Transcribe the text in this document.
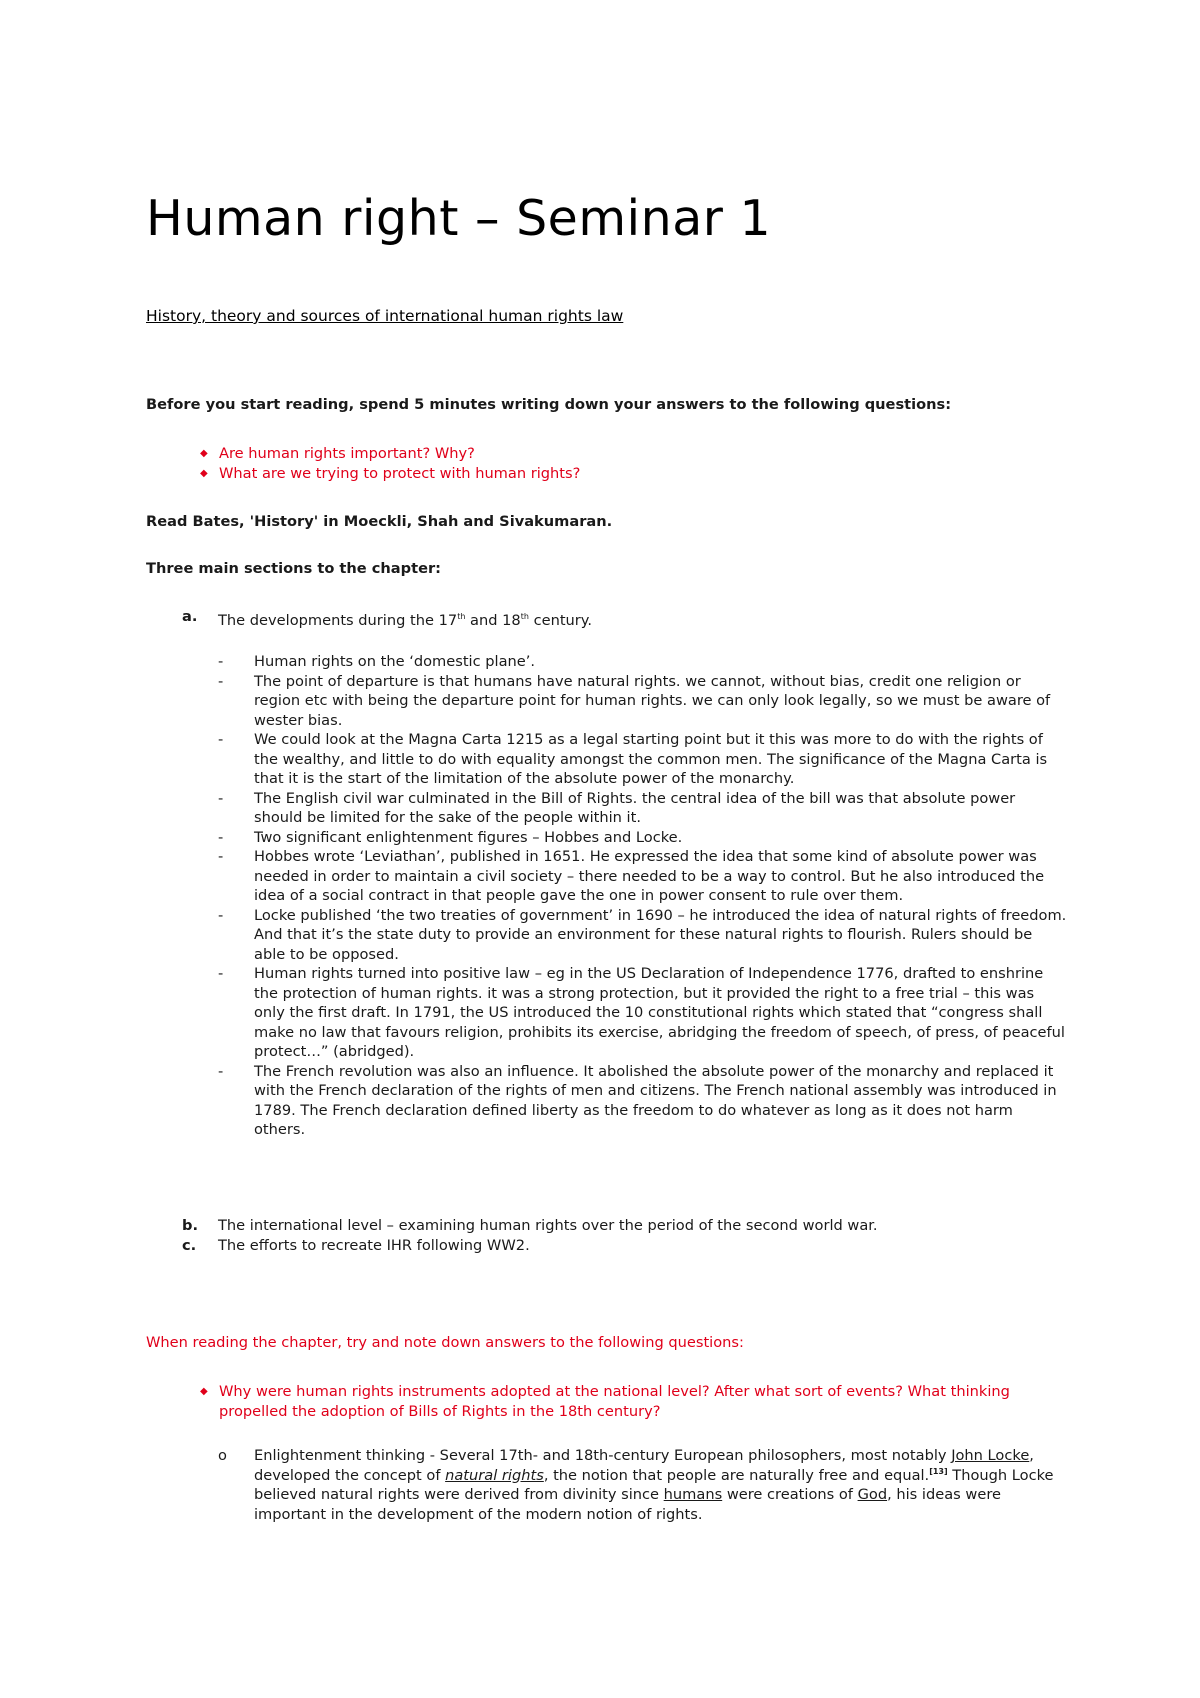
Human right – Seminar 1
History, theory and sources of international human rights law
Before you start reading, spend 5 minutes writing down your answers to the following questions:
◆ Are human rights important? Why?
◆ What are we trying to protect with human rights?
Read Bates, 'History' in Moeckli, Shah and Sivakumaran.
Three main sections to the chapter:
a.	The developments during the 17th and 18th century.
-	Human rights on the ‘domestic plane’.
-	The point of departure is that humans have natural rights. we cannot, without bias, credit one religion or region etc with being the departure point for human rights. we can only look legally, so we must be aware of wester bias.
-	We could look at the Magna Carta 1215 as a legal starting point but it this was more to do with the rights of the wealthy, and little to do with equality amongst the common men. The significance of the Magna Carta is that it is the start of the limitation of the absolute power of the monarchy.
-	The English civil war culminated in the Bill of Rights. the central idea of the bill was that absolute power should be limited for the sake of the people within it.
-	Two significant enlightenment figures – Hobbes and Locke.
-	Hobbes wrote ‘Leviathan’, published in 1651. He expressed the idea that some kind of absolute power was needed in order to maintain a civil society – there needed to be a way to control. But he also introduced the idea of a social contract in that people gave the one in power consent to rule over them.
-	Locke published ‘the two treaties of government’ in 1690 – he introduced the idea of natural rights of freedom. And that it’s the state duty to provide an environment for these natural rights to flourish. Rulers should be able to be opposed.
-	Human rights turned into positive law – eg in the US Declaration of Independence 1776, drafted to enshrine the protection of human rights. it was a strong protection, but it provided the right to a free trial – this was only the first draft. In 1791, the US introduced the 10 constitutional rights which stated that “congress shall make no law that favours religion, prohibits its exercise, abridging the freedom of speech, of press, of peaceful protect…” (abridged).
-	The French revolution was also an influence. It abolished the absolute power of the monarchy and replaced it with the French declaration of the rights of men and citizens. The French national assembly was introduced in 1789. The French declaration defined liberty as the freedom to do whatever as long as it does not harm others.
b.	The international level – examining human rights over the period of the second world war.
c.	The efforts to recreate IHR following WW2.
When reading the chapter, try and note down answers to the following questions:
◆ Why were human rights instruments adopted at the national level? After what sort of events? What thinking propelled the adoption of Bills of Rights in the 18th century?
o	Enlightenment thinking - Several 17th- and 18th-century European philosophers, most notably John Locke, developed the concept of natural rights, the notion that people are naturally free and equal.[13] Though Locke believed natural rights were derived from divinity since humans were creations of God, his ideas were important in the development of the modern notion of rights.
